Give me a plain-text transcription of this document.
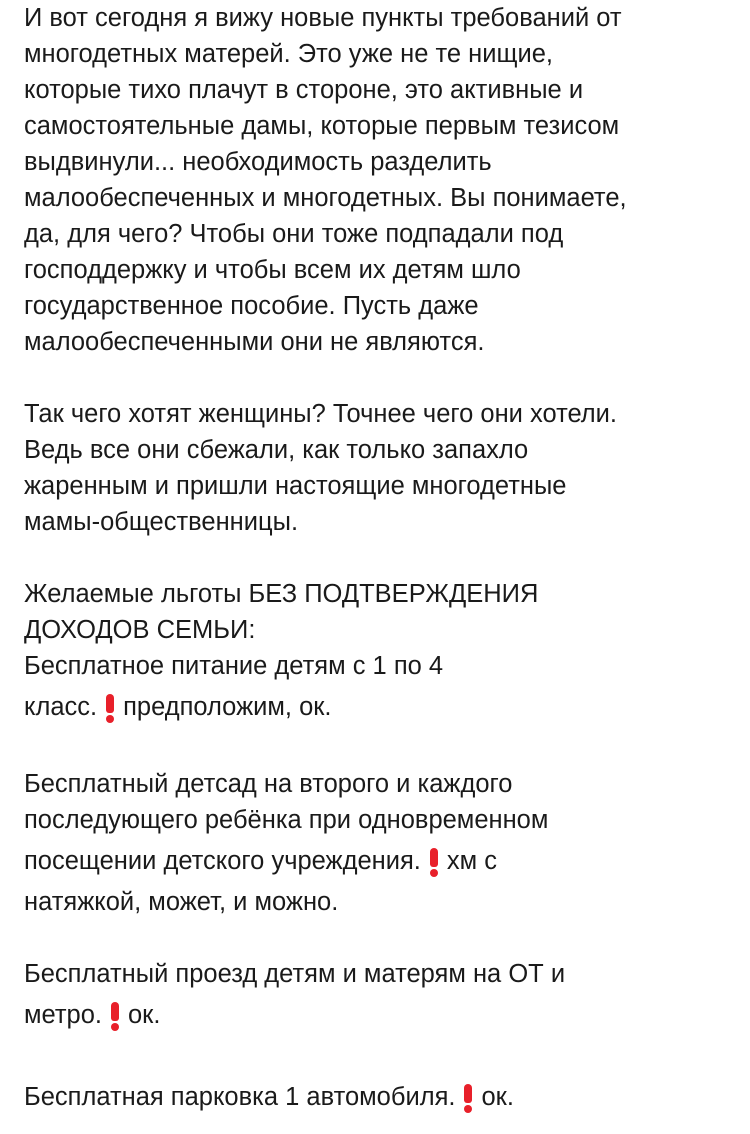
И вот сегодня я вижу новые пункты требований от
многодетных матерей. Это уже не те нищие,
которые тихо плачут в стороне, это активные и
самостоятельные дамы, которые первым тезисом
выдвинули... необходимость разделить
малообеспеченных и многодетных. Вы понимаете,
да, для чего? Чтобы они тоже подпадали под
господдержку и чтобы всем их детям шло
государственное пособие. Пусть даже
малообеспеченными они не являются.
Так чего хотят женщины? Точнее чего они хотели.
Ведь все они сбежали, как только запахло
жаренным и пришли настоящие многодетные
мамы-общественницы.
Желаемые льготы БЕЗ ПОДТВЕРЖДЕНИЯ
ДОХОДОВ СЕМЬИ:
Бесплатное питание детям с 1 по 4
класс. предположим, ок.
Бесплатный детсад на второго и каждого
последующего ребёнка при одновременном
посещении детского учреждения. хм с
натяжкой, может, и можно.
Бесплатный проезд детям и матерям на ОТ и
метро. ок.
Бесплатная парковка 1 автомобиля. ок.
